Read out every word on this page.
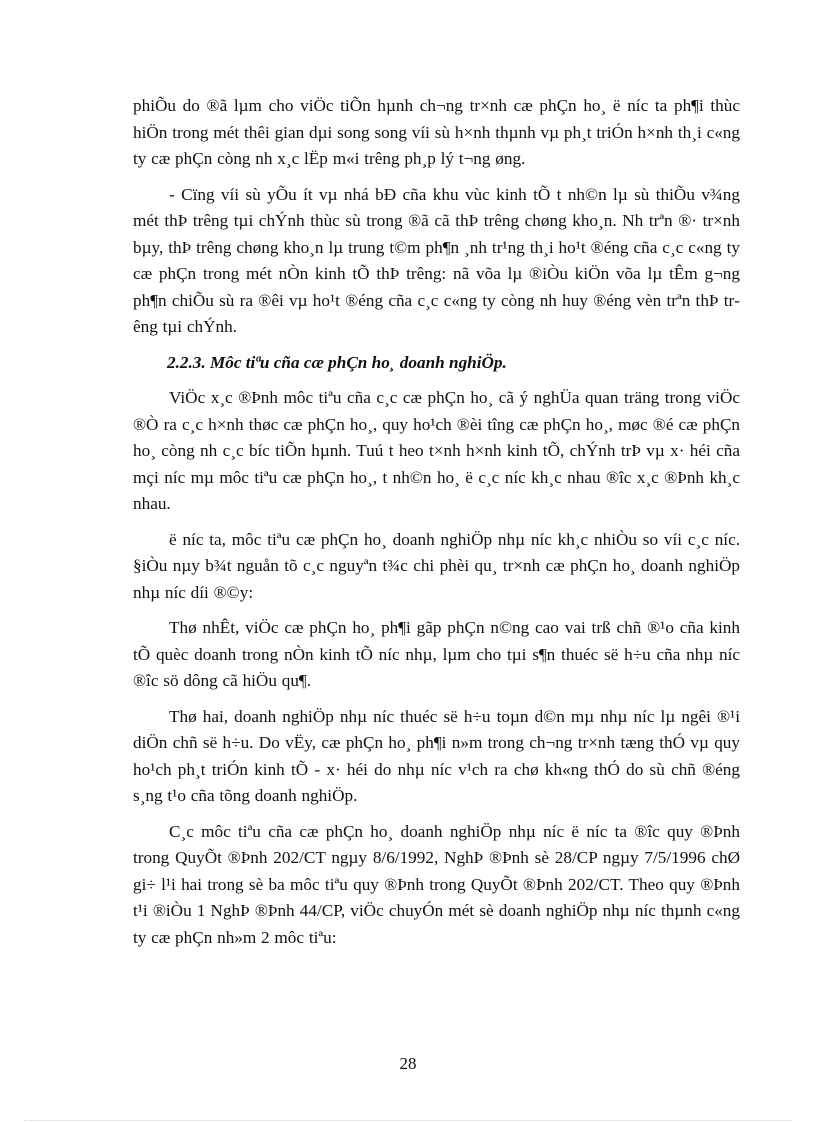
phiÕu do ®ã lµm cho viÖc tiÕn hµnh ch¬ng tr×nh cæ phÇn ho¸ ë níc ta ph¶i thùc hiÖn trong mét thêi gian dµi song song víi sù h×nh thµnh vµ ph¸t triÓn h×nh th¸i c«ng ty cæ phÇn còng nh x¸c lËp m«i trêng ph¸p lý t¬ng øng.

- Cïng víi sù yÕu ít vµ nhá bÐ cña khu vùc kinh tÕ t nh©n lµ sù thiÕu v¾ng mét thÞ trêng tµi chÝnh thùc sù trong ®ã cã thÞ trêng chøng kho¸n. Nh trªn ®· tr×nh bµy, thÞ trêng chøng kho¸n lµ trung t©m ph¶n ¸nh tr¹ng th¸i ho¹t ®éng cña c¸c c«ng ty cæ phÇn trong mét nÒn kinh tÕ thÞ trêng: nã võa lµ ®iÒu kiÖn võa lµ tÊm g¬ng ph¶n chiÕu sù ra ®êi vµ ho¹t ®éng cña c¸c c«ng ty còng nh huy ®éng vèn trªn thÞ trêng tµi chÝnh.

2.2.3. Môc tiªu cña cæ phÇn ho¸ doanh nghiÖp.

ViÖc x¸c ®Þnh môc tiªu cña c¸c cæ phÇn ho¸ cã ý nghÜa quan träng trong viÖc ®Ò ra c¸c h×nh thøc cæ phÇn ho¸, quy ho¹ch ®èi tîng cæ phÇn ho¸, møc ®é cæ phÇn ho¸ còng nh c¸c bíc tiÕn hµnh. Tuú t heo t×nh h×nh kinh tÕ, chÝnh trÞ vµ x· héi cña mçi níc mµ môc tiªu cæ phÇn ho¸, t nh©n ho¸ ë c¸c níc kh¸c nhau ®îc x¸c ®Þnh kh¸c nhau.

ë níc ta, môc tiªu cæ phÇn ho¸ doanh nghiÖp nhµ níc kh¸c nhiÒu so víi c¸c níc. §iÒu nµy b¾t nguån tõ c¸c nguyªn t¾c chi phèi qu¸ tr×nh cæ phÇn ho¸ doanh nghiÖp nhµ níc díi ®©y:

Thø nhÊt, viÖc cæ phÇn ho¸ ph¶i gãp phÇn n©ng cao vai trß chñ ®¹o cña kinh tÕ quèc doanh trong nÒn kinh tÕ níc nhµ, lµm cho tµi s¶n thuéc së h÷u cña nhµ níc ®îc sö dông cã hiÖu qu¶.

Thø hai, doanh nghiÖp nhµ níc thuéc së h÷u toµn d©n mµ nhµ níc lµ ngêi ®¹i diÖn chñ së h÷u. Do vËy, cæ phÇn ho¸ ph¶i n»m trong ch¬ng tr×nh tæng thÓ vµ quy ho¹ch ph¸t triÓn kinh tÕ - x· héi do nhµ níc v¹ch ra chø kh«ng thÓ do sù chñ ®éng s¸ng t¹o cña tõng doanh nghiÖp.

C¸c môc tiªu cña cæ phÇn ho¸ doanh nghiÖp nhµ níc ë níc ta ®îc quy ®Þnh trong QuyÕt ®Þnh 202/CT ngµy 8/6/1992, NghÞ ®Þnh sè 28/CP ngµy 7/5/1996 chØ gi÷ l¹i hai trong sè ba môc tiªu quy ®Þnh trong QuyÕt ®Þnh 202/CT. Theo quy ®Þnh t¹i ®iÒu 1 NghÞ ®Þnh 44/CP, viÖc chuyÓn mét sè doanh nghiÖp nhµ níc thµnh c«ng ty cæ phÇn nh»m 2 môc tiªu:

28
